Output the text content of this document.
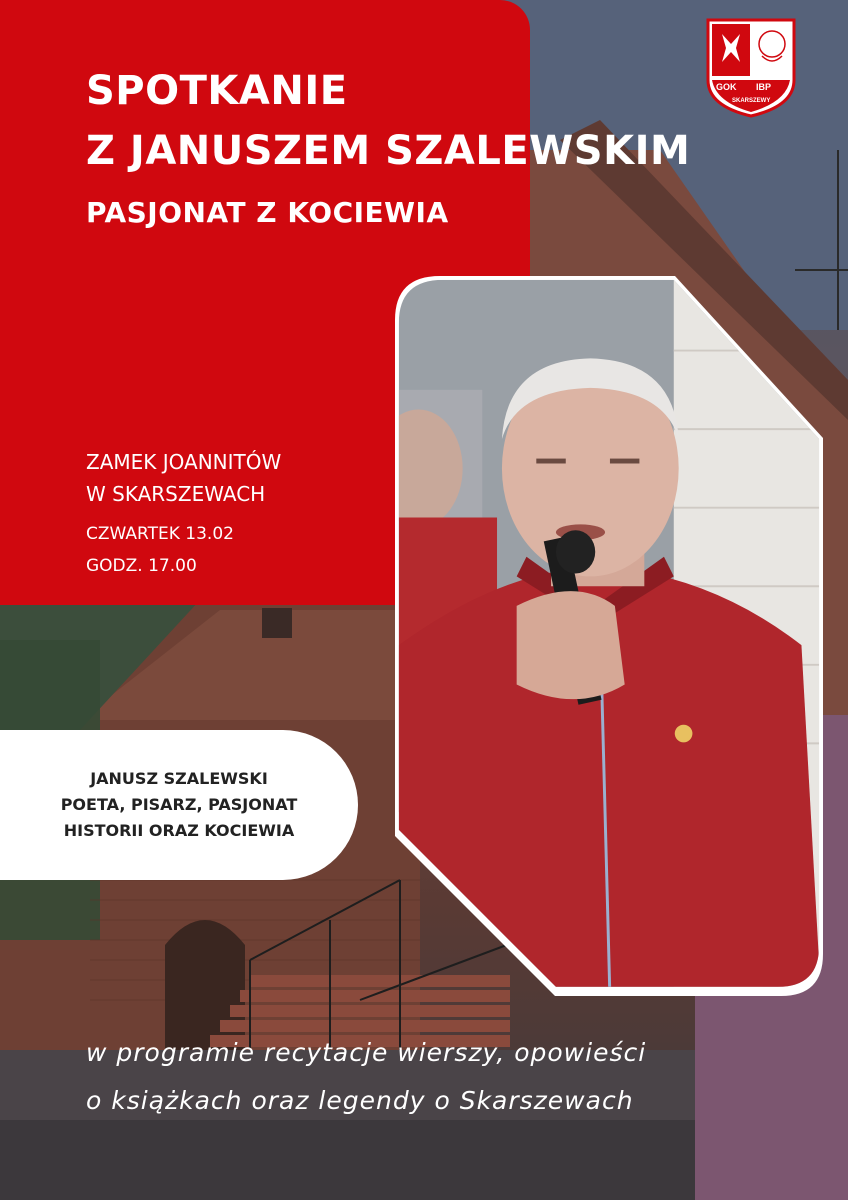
SPOTKANIE
Z JANUSZEM SZALEWSKIM
PASJONAT Z KOCIEWIA
ZAMEK JOANNITÓW
W SKARSZEWACH
CZWARTEK 13.02
GODZ. 17.00
JANUSZ SZALEWSKI
POETA, PISARZ, PASJONAT
HISTORII ORAZ KOCIEWIA
w programie recytacje wierszy, opowieści
o książkach oraz legendy o Skarszewach
GOK IBP
SKARSZEWY
